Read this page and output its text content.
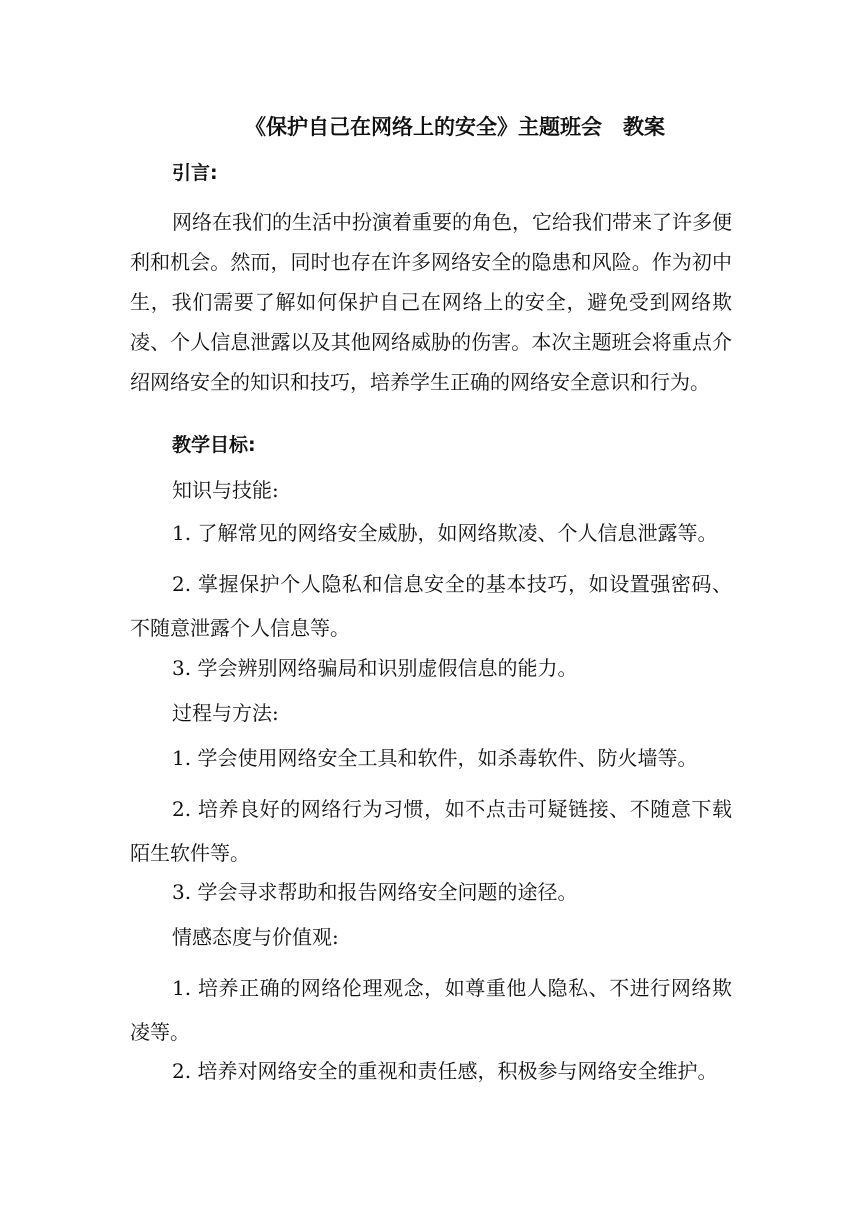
《保护自己在网络上的安全》主题班会　教案
引言:
网络在我们的生活中扮演着重要的角色，它给我们带来了许多便利和机会。然而，同时也存在许多网络安全的隐患和风险。作为初中生，我们需要了解如何保护自己在网络上的安全，避免受到网络欺凌、个人信息泄露以及其他网络威胁的伤害。本次主题班会将重点介绍网络安全的知识和技巧，培养学生正确的网络安全意识和行为。
教学目标:
知识与技能:
1. 了解常见的网络安全威胁，如网络欺凌、个人信息泄露等。
2. 掌握保护个人隐私和信息安全的基本技巧，如设置强密码、不随意泄露个人信息等。
3. 学会辨别网络骗局和识别虚假信息的能力。
过程与方法:
1. 学会使用网络安全工具和软件，如杀毒软件、防火墙等。
2. 培养良好的网络行为习惯，如不点击可疑链接、不随意下载陌生软件等。
3. 学会寻求帮助和报告网络安全问题的途径。
情感态度与价值观:
1. 培养正确的网络伦理观念，如尊重他人隐私、不进行网络欺凌等。
2. 培养对网络安全的重视和责任感，积极参与网络安全维护。
